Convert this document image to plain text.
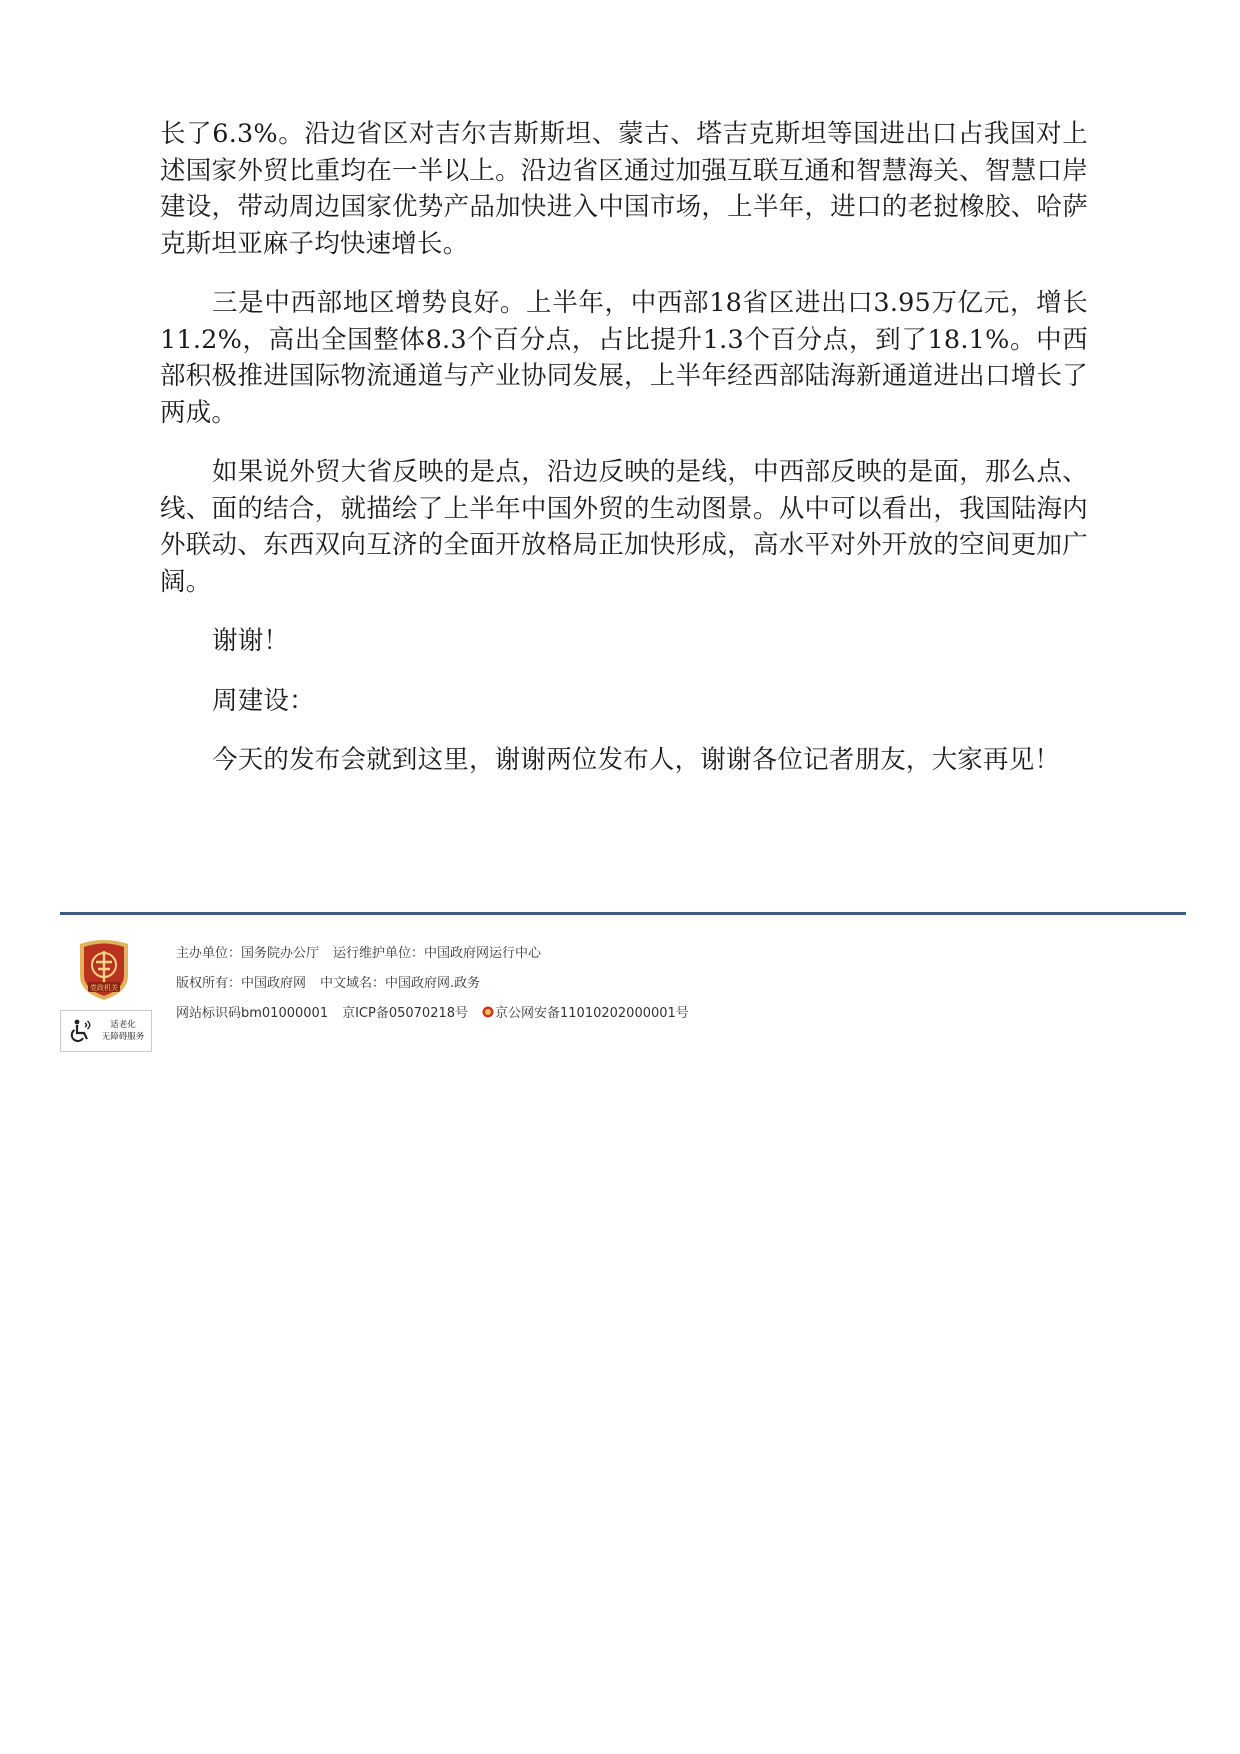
长了6.3%。沿边省区对吉尔吉斯斯坦、蒙古、塔吉克斯坦等国进出口占我国对上述国家外贸比重均在一半以上。沿边省区通过加强互联互通和智慧海关、智慧口岸建设，带动周边国家优势产品加快进入中国市场，上半年，进口的老挝橡胶、哈萨克斯坦亚麻子均快速增长。

三是中西部地区增势良好。上半年，中西部18省区进出口3.95万亿元，增长11.2%，高出全国整体8.3个百分点，占比提升1.3个百分点，到了18.1%。中西部积极推进国际物流通道与产业协同发展，上半年经西部陆海新通道进出口增长了两成。

如果说外贸大省反映的是点，沿边反映的是线，中西部反映的是面，那么点、线、面的结合，就描绘了上半年中国外贸的生动图景。从中可以看出，我国陆海内外联动、东西双向互济的全面开放格局正加快形成，高水平对外开放的空间更加广阔。

谢谢！

周建设：

今天的发布会就到这里，谢谢两位发布人，谢谢各位记者朋友，大家再见！

党政机关
适老化
无障碍服务
主办单位：国务院办公厅 运行维护单位：中国政府网运行中心
版权所有：中国政府网 中文域名：中国政府网.政务
网站标识码bm01000001 京ICP备05070218号 京公网安备11010202000001号
